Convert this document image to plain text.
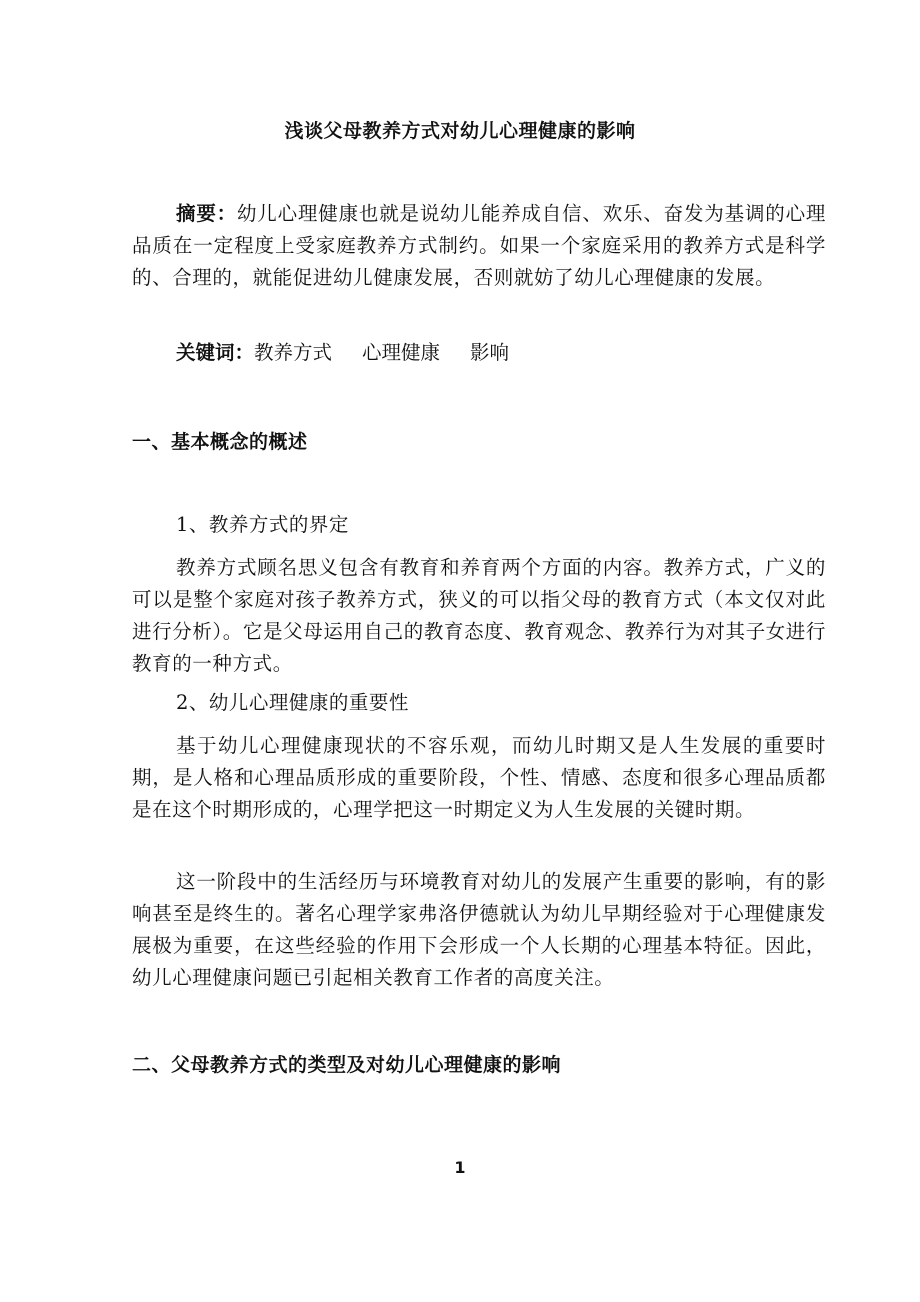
浅谈父母教养方式对幼儿心理健康的影响
摘要：幼儿心理健康也就是说幼儿能养成自信、欢乐、奋发为基调的心理品质在一定程度上受家庭教养方式制约。如果一个家庭采用的教养方式是科学的、合理的，就能促进幼儿健康发展，否则就妨了幼儿心理健康的发展。
关键词：教养方式 心理健康 影响
一、基本概念的概述
1、教养方式的界定
教养方式顾名思义包含有教育和养育两个方面的内容。教养方式，广义的可以是整个家庭对孩子教养方式，狭义的可以指父母的教育方式（本文仅对此进行分析）。它是父母运用自己的教育态度、教育观念、教养行为对其子女进行教育的一种方式。
2、幼儿心理健康的重要性
基于幼儿心理健康现状的不容乐观，而幼儿时期又是人生发展的重要时期，是人格和心理品质形成的重要阶段，个性、情感、态度和很多心理品质都是在这个时期形成的，心理学把这一时期定义为人生发展的关键时期。
这一阶段中的生活经历与环境教育对幼儿的发展产生重要的影响，有的影响甚至是终生的。著名心理学家弗洛伊德就认为幼儿早期经验对于心理健康发展极为重要，在这些经验的作用下会形成一个人长期的心理基本特征。因此，幼儿心理健康问题已引起相关教育工作者的高度关注。
二、父母教养方式的类型及对幼儿心理健康的影响
1
